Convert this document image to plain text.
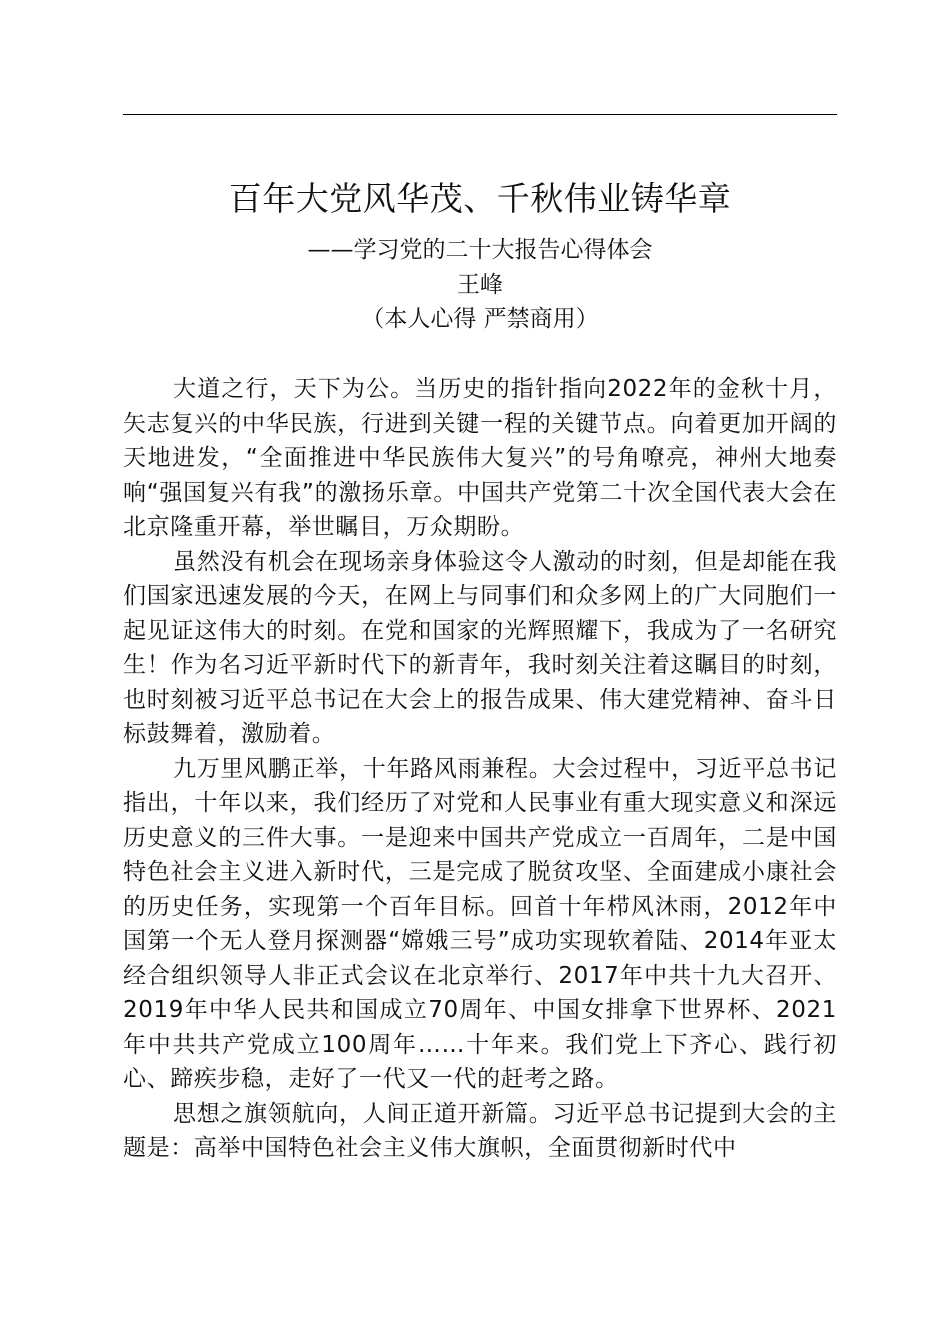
百年大党风华茂、千秋伟业铸华章
——学习党的二十大报告心得体会
王峰
（本人心得 严禁商用）

大道之行，天下为公。当历史的指针指向2022年的金秋十月，矢志复兴的中华民族，行进到关键一程的关键节点。向着更加开阔的天地进发，“全面推进中华民族伟大复兴”的号角嘹亮，神州大地奏响“强国复兴有我”的激扬乐章。中国共产党第二十次全国代表大会在北京隆重开幕，举世瞩目，万众期盼。

虽然没有机会在现场亲身体验这令人激动的时刻，但是却能在我们国家迅速发展的今天，在网上与同事们和众多网上的广大同胞们一起见证这伟大的时刻。在党和国家的光辉照耀下，我成为了一名研究生！作为名习近平新时代下的新青年，我时刻关注着这瞩目的时刻，也时刻被习近平总书记在大会上的报告成果、伟大建党精神、奋斗日标鼓舞着，激励着。

九万里风鹏正举，十年路风雨兼程。大会过程中，习近平总书记指出，十年以来，我们经历了对党和人民事业有重大现实意义和深远历史意义的三件大事。一是迎来中国共产党成立一百周年，二是中国特色社会主义进入新时代，三是完成了脱贫攻坚、全面建成小康社会的历史任务，实现第一个百年目标。回首十年栉风沐雨，2012年中国第一个无人登月探测器“嫦娥三号”成功实现软着陆、2014年亚太经合组织领导人非正式会议在北京举行、2017年中共十九大召开、2019年中华人民共和国成立70周年、中国女排拿下世界杯、2021年中共共产党成立100周年……十年来。我们党上下齐心、践行初心、蹄疾步稳，走好了一代又一代的赶考之路。

思想之旗领航向，人间正道开新篇。习近平总书记提到大会的主题是：高举中国特色社会主义伟大旗帜，全面贯彻新时代中
